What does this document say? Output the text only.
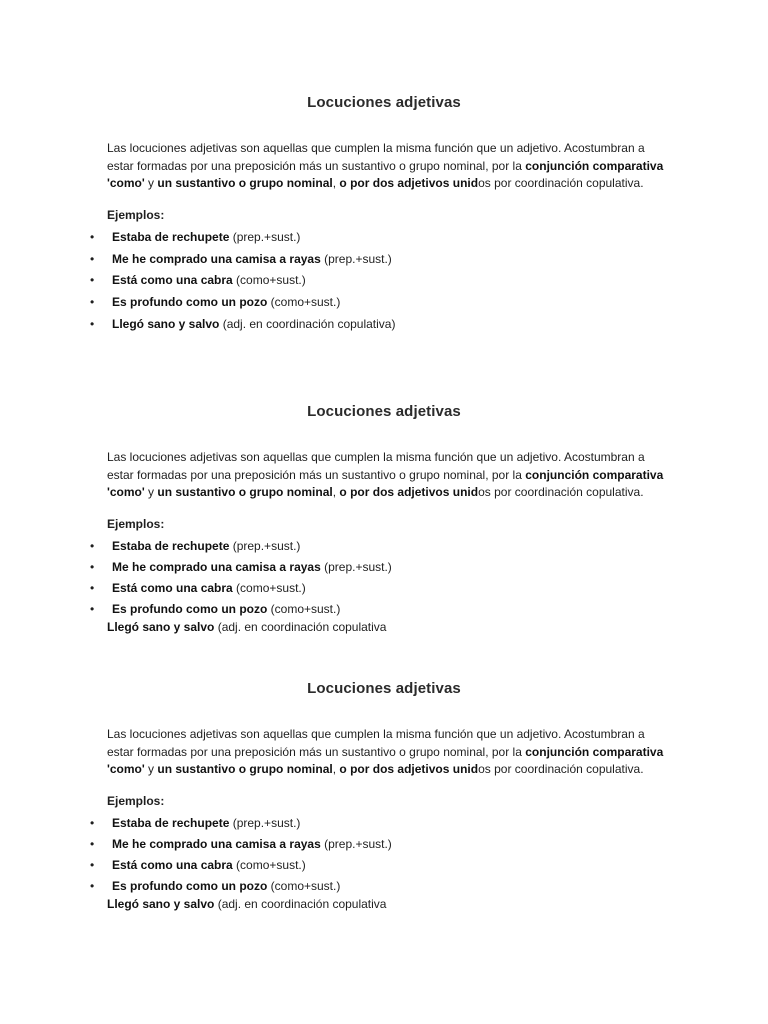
Locuciones adjetivas

Las locuciones adjetivas son aquellas que cumplen la misma función que un adjetivo. Acostumbran a estar formadas por una preposición más un sustantivo o grupo nominal, por la conjunción comparativa 'como' y un sustantivo o grupo nominal, o por dos adjetivos unidos por coordinación copulativa.

Ejemplos:
• Estaba de rechupete (prep.+sust.)
• Me he comprado una camisa a rayas (prep.+sust.)
• Está como una cabra (como+sust.)
• Es profundo como un pozo (como+sust.)
• Llegó sano y salvo (adj. en coordinación copulativa)
Locuciones adjetivas

Las locuciones adjetivas son aquellas que cumplen la misma función que un adjetivo. Acostumbran a estar formadas por una preposición más un sustantivo o grupo nominal, por la conjunción comparativa 'como' y un sustantivo o grupo nominal, o por dos adjetivos unidos por coordinación copulativa.

Ejemplos:
• Estaba de rechupete (prep.+sust.)
• Me he comprado una camisa a rayas (prep.+sust.)
• Está como una cabra (como+sust.)
• Es profundo como un pozo (como+sust.)
Llegó sano y salvo (adj. en coordinación copulativa
Locuciones adjetivas

Las locuciones adjetivas son aquellas que cumplen la misma función que un adjetivo. Acostumbran a estar formadas por una preposición más un sustantivo o grupo nominal, por la conjunción comparativa 'como' y un sustantivo o grupo nominal, o por dos adjetivos unidos por coordinación copulativa.

Ejemplos:
• Estaba de rechupete (prep.+sust.)
• Me he comprado una camisa a rayas (prep.+sust.)
• Está como una cabra (como+sust.)
• Es profundo como un pozo (como+sust.)
Llegó sano y salvo (adj. en coordinación copulativa
